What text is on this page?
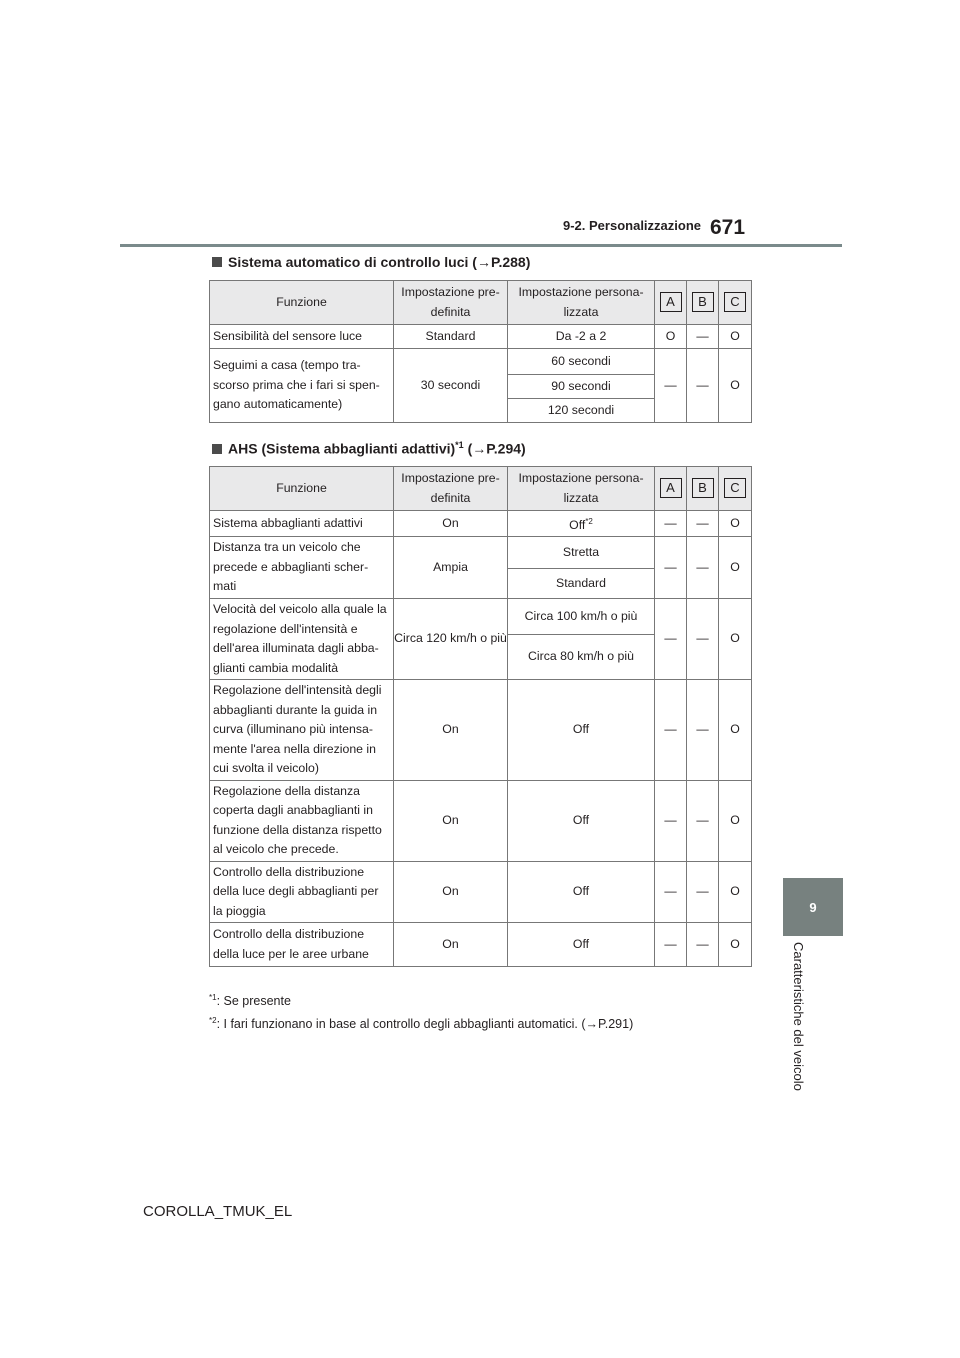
9-2. Personalizzazione 671
9
Caratteristiche del veicolo
Sistema automatico di controllo luci (→P.288)
Funzione	Impostazione pre-definita	Impostazione persona-lizzata	A	B	C
Sensibilità del sensore luce	Standard	Da -2 a 2	O	—	O
Seguimi a casa (tempo tra-scorso prima che i fari si spen-gano automaticamente)	30 secondi	60 secondi	—	—	O
		90 secondi			
		120 secondi			
AHS (Sistema abbaglianti adattivi)$^{*1}$ (→P.294)
Funzione	Impostazione pre-definita	Impostazione persona-lizzata	A	B	C
Sistema abbaglianti adattivi	On	Off$^{*2}$	—	—	O
Distanza tra un veicolo che precede e abbaglianti scher-mati	Ampia	Stretta	—	—	O
		Standard			
Velocità del veicolo alla quale la regolazione dell'intensità e dell'area illuminata dagli abba-glianti cambia modalità	Circa 120 km/h o più	Circa 100 km/h o più	—	—	O
		Circa 80 km/h o più			
Regolazione dell'intensità degli abbaglianti durante la guida in curva (illuminano più intensa-mente l'area nella direzione in cui svolta il veicolo)	On	Off	—	—	O
Regolazione della distanza coperta dagli anabbaglianti in funzione della distanza rispetto al veicolo che precede.	On	Off	—	—	O
Controllo della distribuzione della luce degli abbaglianti per la pioggia	On	Off	—	—	O
Controllo della distribuzione della luce per le aree urbane	On	Off	—	—	O
$^{*1}$: Se presente
$^{*2}$: I fari funzionano in base al controllo degli abbaglianti automatici. (→P.291)
COROLLA_TMUK_EL
